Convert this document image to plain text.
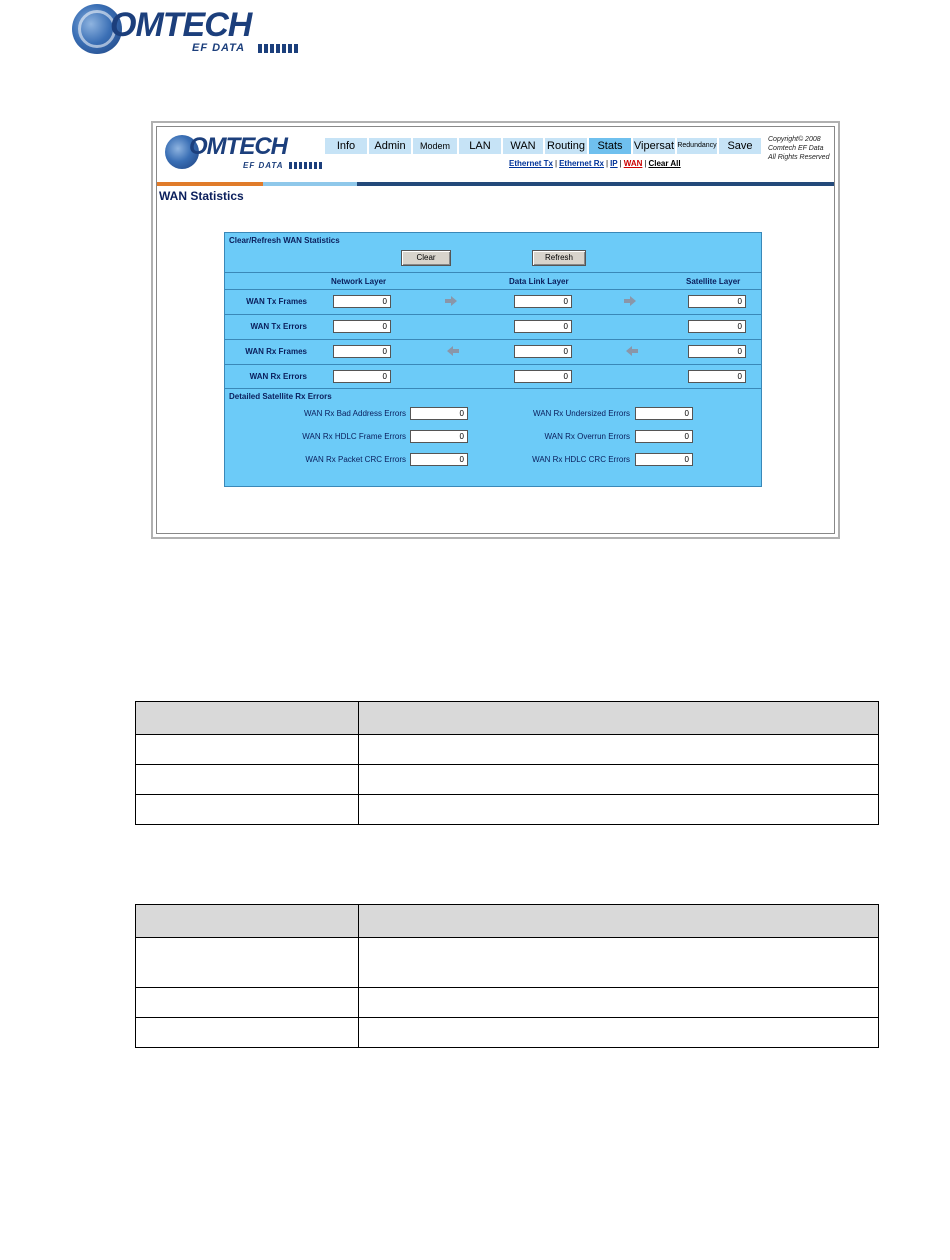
OMTECH
EF DATA
OMTECH
EF DATA
Info	Admin	Modem	LAN	WAN	Routing	Stats	Vipersat Redundancy Save
Copyright© 2008
Comtech EF Data
All Rights Reserved
Ethernet Tx | Ethernet Rx | IP | WAN | Clear All
WAN Statistics
Clear/Refresh WAN Statistics
Clear	Refresh
Network Layer	Data Link Layer	Satellite Layer
WAN Tx Frames	0	0	0
WAN Tx Errors	0	0	0
WAN Rx Frames	0	0	0
WAN Rx Errors	0	0	0
Detailed Satellite Rx Errors
WAN Rx Bad Address Errors	0	WAN Rx Undersized Errors	0
WAN Rx HDLC Frame Errors	0	WAN Rx Overrun Errors	0
WAN Rx Packet CRC Errors	0	WAN Rx HDLC CRC Errors	0
